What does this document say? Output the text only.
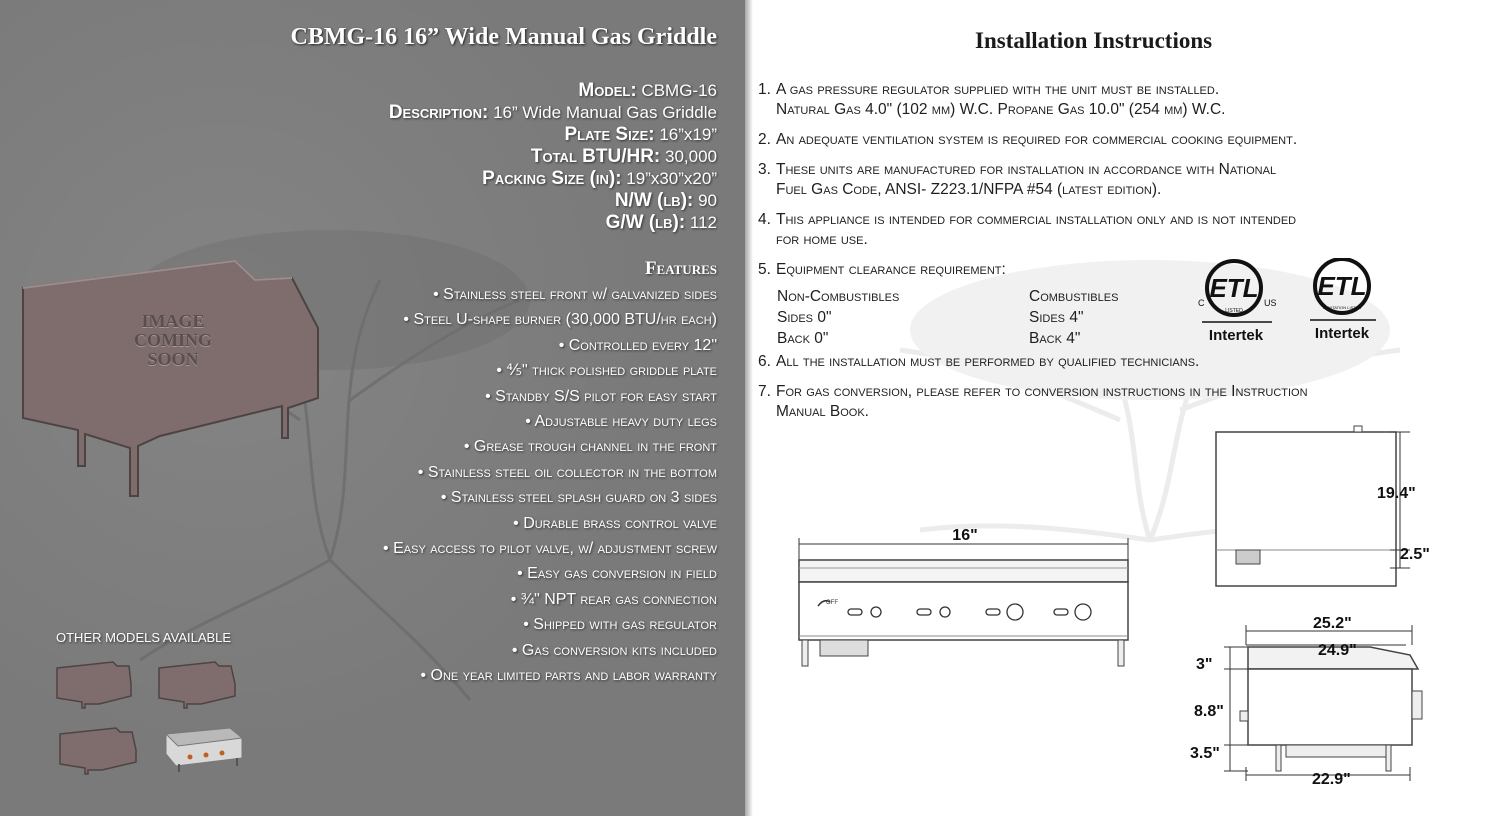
CBMG-16 16” Wide Manual Gas Griddle
Model: CBMG-16
Description: 16” Wide Manual Gas Griddle
Plate Size: 16”x19”
Total BTU/HR: 30,000
Packing Size (in): 19”x30”x20”
N/W (lb): 90
G/W (lb): 112
Features
• Stainless steel front w/ galvanized sides
• Steel U-shape burner (30,000 BTU/hr each)
• Controlled every 12"
• ⅘" thick polished griddle plate
• Standby S/S pilot for easy start
• Adjustable heavy duty legs
• Grease trough channel in the front
• Stainless steel oil collector in the bottom
• Stainless steel splash guard on 3 sides
• Durable brass control valve
• Easy access to pilot valve, w/ adjustment screw
• Easy gas conversion in field
• ¾" NPT rear gas connection
• Shipped with gas regulator
• Gas conversion kits included
• One year limited parts and labor warranty
IMAGE
COMING
SOON
OTHER MODELS AVAILABLE
Installation Instructions
1. A gas pressure regulator supplied with the unit must be installed.
Natural Gas 4.0" (102 mm) W.C. Propane Gas 10.0" (254 mm) W.C.
2. An adequate ventilation system is required for commercial cooking equipment.
3. These units are manufactured for installation in accordance with National
Fuel Gas Code, ANSI- Z223.1/NFPA #54 (latest edition).
4. This appliance is intended for commercial installation only and is not intended
for home use.
5. Equipment clearance requirement:
6. All the installation must be performed by qualified technicians.
7. For gas conversion, please refer to conversion instructions in the Instruction
Manual Book.
Non-Combustibles	Combustibles
Sides 0"	Sides 4"
Back 0"	Back 4"
ETL
LISTED
C	US
Intertek
ETL
SANITATION LISTED
Intertek
16"
OFF
19.4"
2.5"
25.2"
24.9"
3"
8.8"
3.5"
22.9"
